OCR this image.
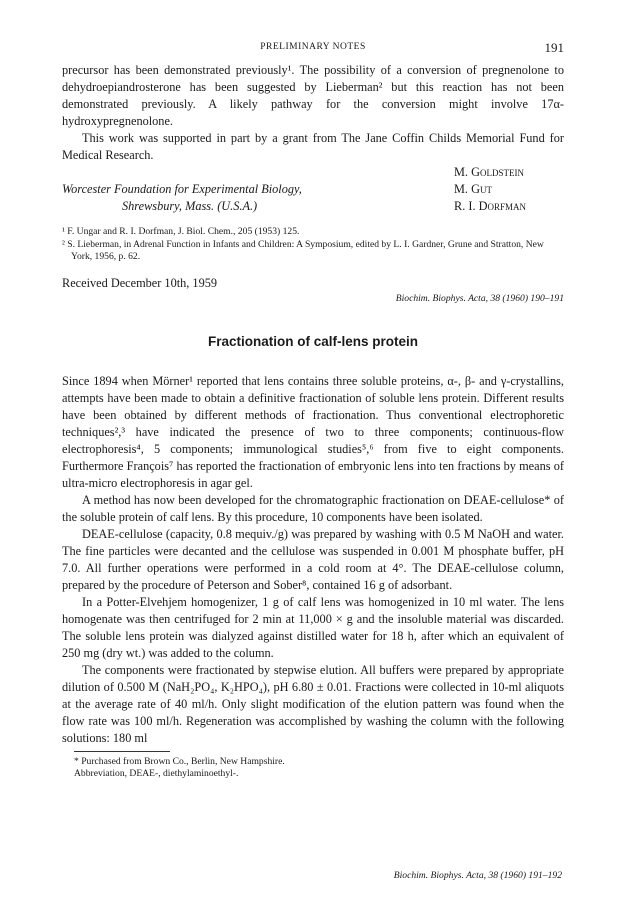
PRELIMINARY NOTES	191

precursor has been demonstrated previously¹. The possibility of a conversion of pregnenolone to dehydroepiandrosterone has been suggested by Lieberman² but this reaction has not been demonstrated previously. A likely pathway for the conversion might involve 17α-hydroxypregnenolone.

This work was supported in part by a grant from The Jane Coffin Childs Memorial Fund for Medical Research.

Worcester Foundation for Experimental Biology,
Shrewsbury, Mass. (U.S.A.)
M. Goldstein
M. Gut
R. I. Dorfman
¹ F. Ungar and R. I. Dorfman, J. Biol. Chem., 205 (1953) 125.
² S. Lieberman, in Adrenal Function in Infants and Children: A Symposium, edited by L. I. Gardner, Grune and Stratton, New York, 1956, p. 62.
Received December 10th, 1959
Biochim. Biophys. Acta, 38 (1960) 190–191
Fractionation of calf-lens protein

Since 1894 when Mörner¹ reported that lens contains three soluble proteins, α-, β- and γ-crystallins, attempts have been made to obtain a definitive fractionation of soluble lens protein. Different results have been obtained by different methods of fractionation. Thus conventional electrophoretic techniques²,³ have indicated the presence of two to three components; continuous-flow electrophoresis⁴, 5 components; immunological studies⁵,⁶ from five to eight components. Furthermore François⁷ has reported the fractionation of embryonic lens into ten fractions by means of ultra-micro electrophoresis in agar gel.

A method has now been developed for the chromatographic fractionation on DEAE-cellulose* of the soluble protein of calf lens. By this procedure, 10 components have been isolated.

DEAE-cellulose (capacity, 0.8 mequiv./g) was prepared by washing with 0.5 M NaOH and water. The fine particles were decanted and the cellulose was suspended in 0.001 M phosphate buffer, pH 7.0. All further operations were performed in a cold room at 4°. The DEAE-cellulose column, prepared by the procedure of Peterson and Sober⁸, contained 16 g of adsorbant.

In a Potter-Elvehjem homogenizer, 1 g of calf lens was homogenized in 10 ml water. The lens homogenate was then centrifuged for 2 min at 11,000 × g and the insoluble material was discarded. The soluble lens protein was dialyzed against distilled water for 18 h, after which an equivalent of 250 mg (dry wt.) was added to the column.

The components were fractionated by stepwise elution. All buffers were prepared by appropriate dilution of 0.500 M (NaH₂PO₄, K₂HPO₄), pH 6.80 ± 0.01. Fractions were collected in 10-ml aliquots at the average rate of 40 ml/h. Only slight modification of the elution pattern was found when the flow rate was 100 ml/h. Regeneration was accomplished by washing the column with the following solutions: 180 ml

* Purchased from Brown Co., Berlin, New Hampshire.
Abbreviation, DEAE-, diethylaminoethyl-.
Biochim. Biophys. Acta, 38 (1960) 191–192
